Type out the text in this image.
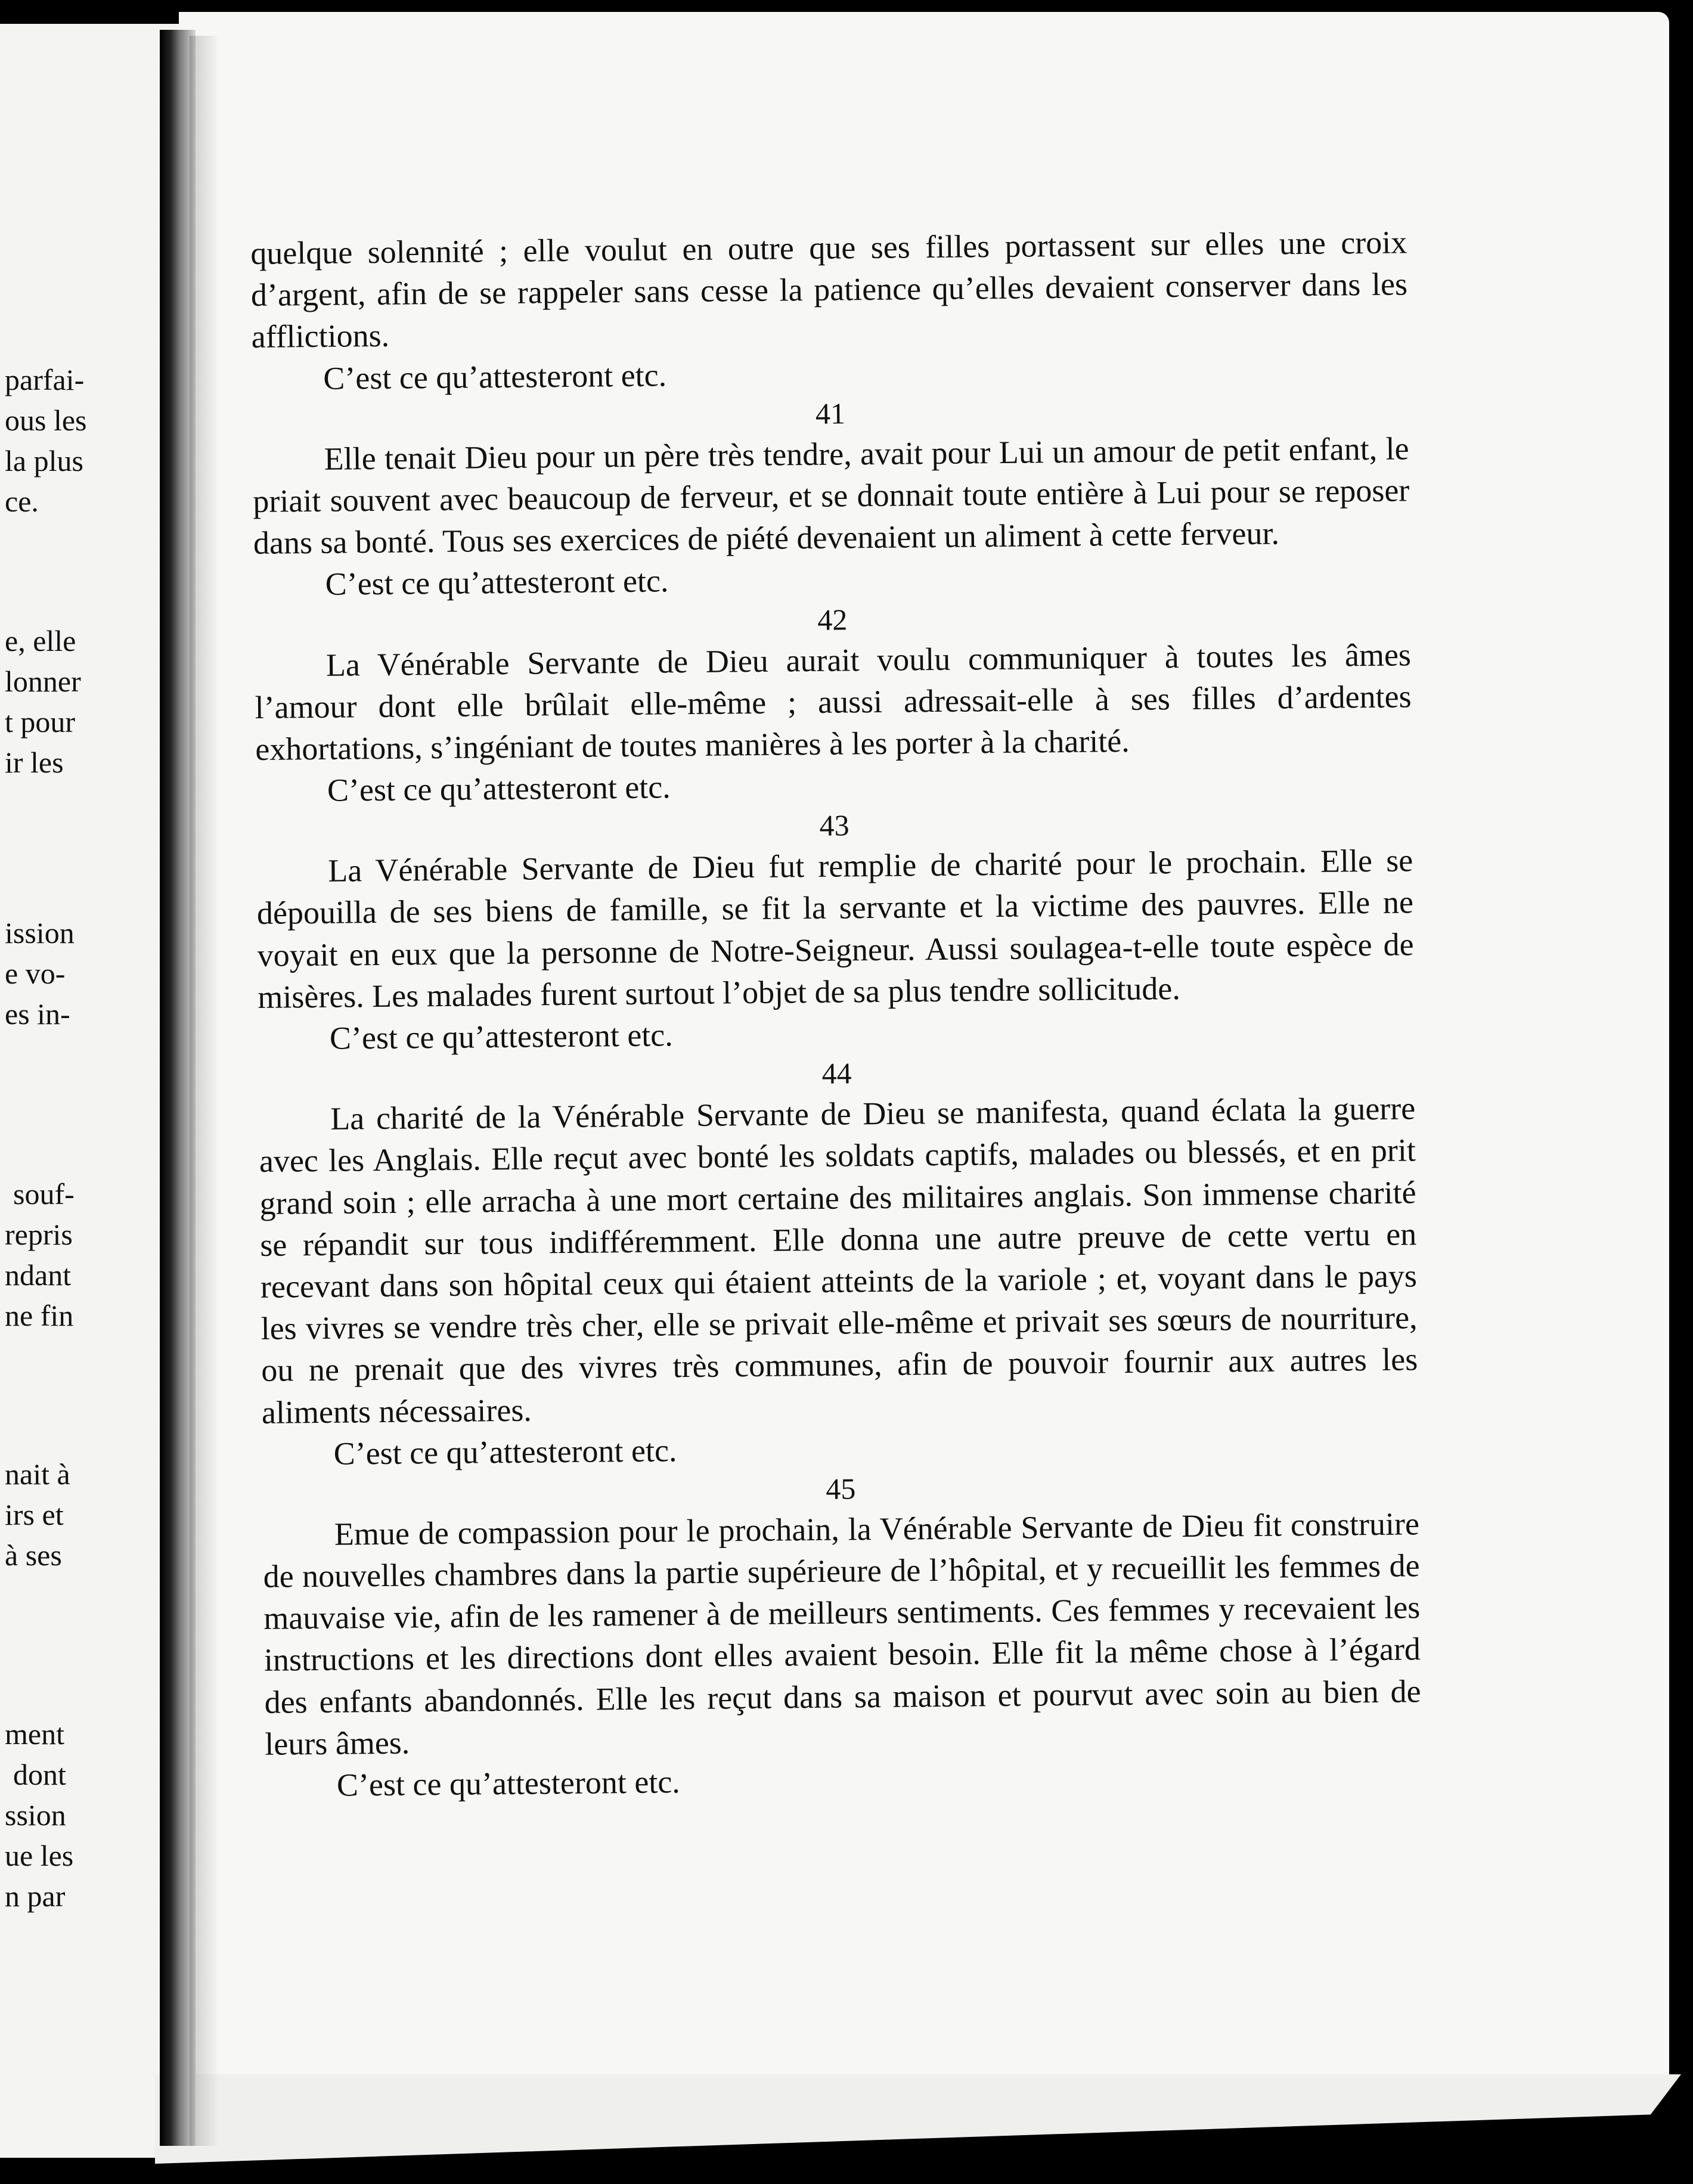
parfai-
ous les
la plus
ce.
e, elle
lonner
t pour
ir les
ission
e vo-
es in-
souf-
repris
ndant
ne fin
nait à
irs et
à ses
ment
dont
ssion
ue les
n par

quelque solennité ; elle voulut en outre que ses filles portassent sur elles une croix d’argent, afin de se rappeler sans cesse la patience qu’elles devaient conserver dans les afflictions.

C’est ce qu’attesteront etc.

41

Elle tenait Dieu pour un père très tendre, avait pour Lui un amour de petit enfant, le priait souvent avec beaucoup de ferveur, et se donnait toute entière à Lui pour se reposer dans sa bonté. Tous ses exercices de piété devenaient un aliment à cette ferveur.

C’est ce qu’attesteront etc.

42

La Vénérable Servante de Dieu aurait voulu communiquer à toutes les âmes l’amour dont elle brûlait elle-même ; aussi adressait-elle à ses filles d’ardentes exhortations, s’ingéniant de toutes manières à les porter à la charité.

C’est ce qu’attesteront etc.

43

La Vénérable Servante de Dieu fut remplie de charité pour le prochain. Elle se dépouilla de ses biens de famille, se fit la servante et la victime des pauvres. Elle ne voyait en eux que la personne de Notre-Seigneur. Aussi soulagea-t-elle toute espèce de misères. Les malades furent surtout l’objet de sa plus tendre sollicitude.

C’est ce qu’attesteront etc.

44

La charité de la Vénérable Servante de Dieu se manifesta, quand éclata la guerre avec les Anglais. Elle reçut avec bonté les soldats captifs, malades ou blessés, et en prit grand soin ; elle arracha à une mort certaine des militaires anglais. Son immense charité se répandit sur tous indifféremment. Elle donna une autre preuve de cette vertu en recevant dans son hôpital ceux qui étaient atteints de la variole ; et, voyant dans le pays les vivres se vendre très cher, elle se privait elle-même et privait ses sœurs de nourriture, ou ne prenait que des vivres très communes, afin de pouvoir fournir aux autres les aliments nécessaires.

C’est ce qu’attesteront etc.

45

Emue de compassion pour le prochain, la Vénérable Servante de Dieu fit construire de nouvelles chambres dans la partie supérieure de l’hôpital, et y recueillit les femmes de mauvaise vie, afin de les ramener à de meilleurs sentiments. Ces femmes y recevaient les instructions et les directions dont elles avaient besoin. Elle fit la même chose à l’égard des enfants abandonnés. Elle les reçut dans sa maison et pourvut avec soin au bien de leurs âmes.

C’est ce qu’attesteront etc.
